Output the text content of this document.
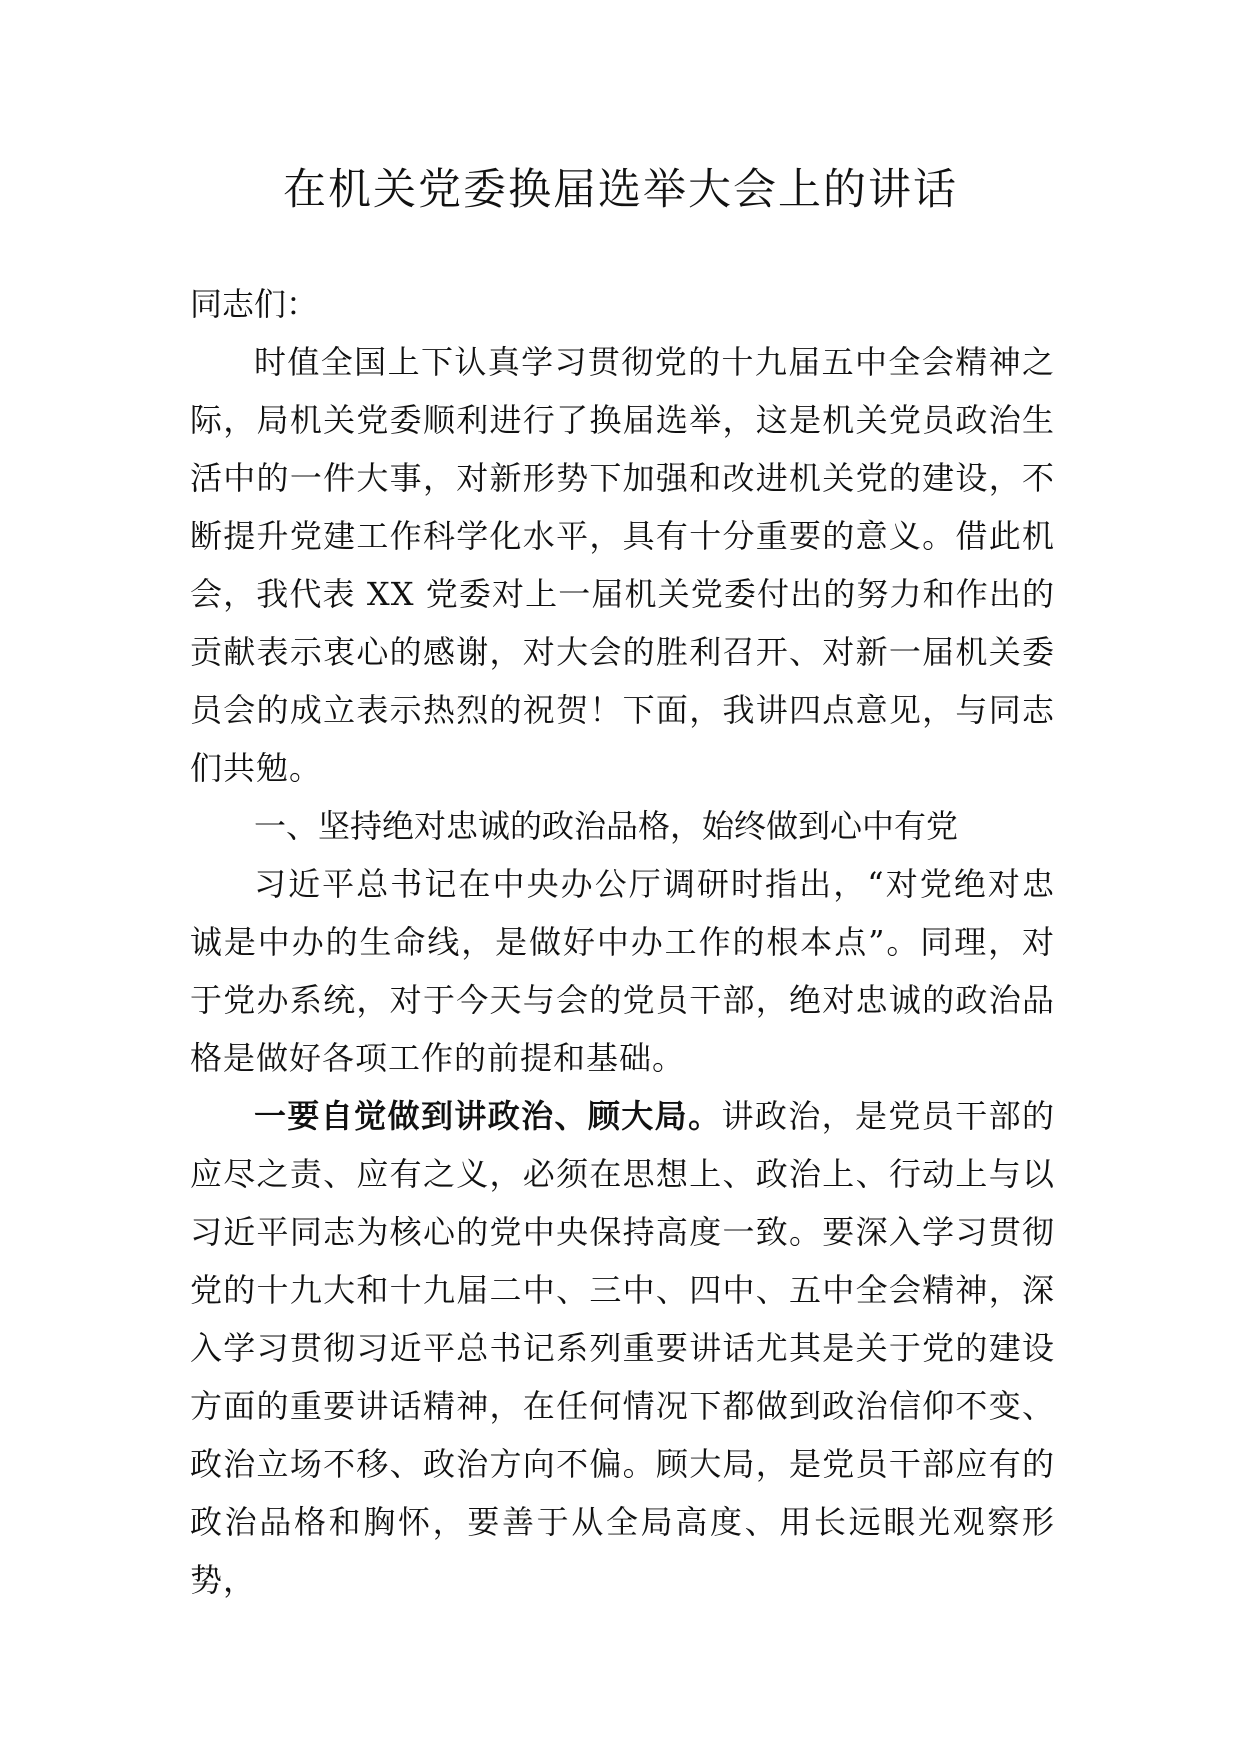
在机关党委换届选举大会上的讲话

同志们：

时值全国上下认真学习贯彻党的十九届五中全会精神之际，局机关党委顺利进行了换届选举，这是机关党员政治生活中的一件大事，对新形势下加强和改进机关党的建设，不断提升党建工作科学化水平，具有十分重要的意义。借此机会，我代表 XX 党委对上一届机关党委付出的努力和作出的贡献表示衷心的感谢，对大会的胜利召开、对新一届机关委员会的成立表示热烈的祝贺！下面，我讲四点意见，与同志们共勉。

一、坚持绝对忠诚的政治品格，始终做到心中有党

习近平总书记在中央办公厅调研时指出，“对党绝对忠诚是中办的生命线，是做好中办工作的根本点”。同理，对于党办系统，对于今天与会的党员干部，绝对忠诚的政治品格是做好各项工作的前提和基础。

一要自觉做到讲政治、顾大局。讲政治，是党员干部的应尽之责、应有之义，必须在思想上、政治上、行动上与以习近平同志为核心的党中央保持高度一致。要深入学习贯彻党的十九大和十九届二中、三中、四中、五中全会精神，深入学习贯彻习近平总书记系列重要讲话尤其是关于党的建设方面的重要讲话精神，在任何情况下都做到政治信仰不变、政治立场不移、政治方向不偏。顾大局，是党员干部应有的政治品格和胸怀，要善于从全局高度、用长远眼光观察形势，
